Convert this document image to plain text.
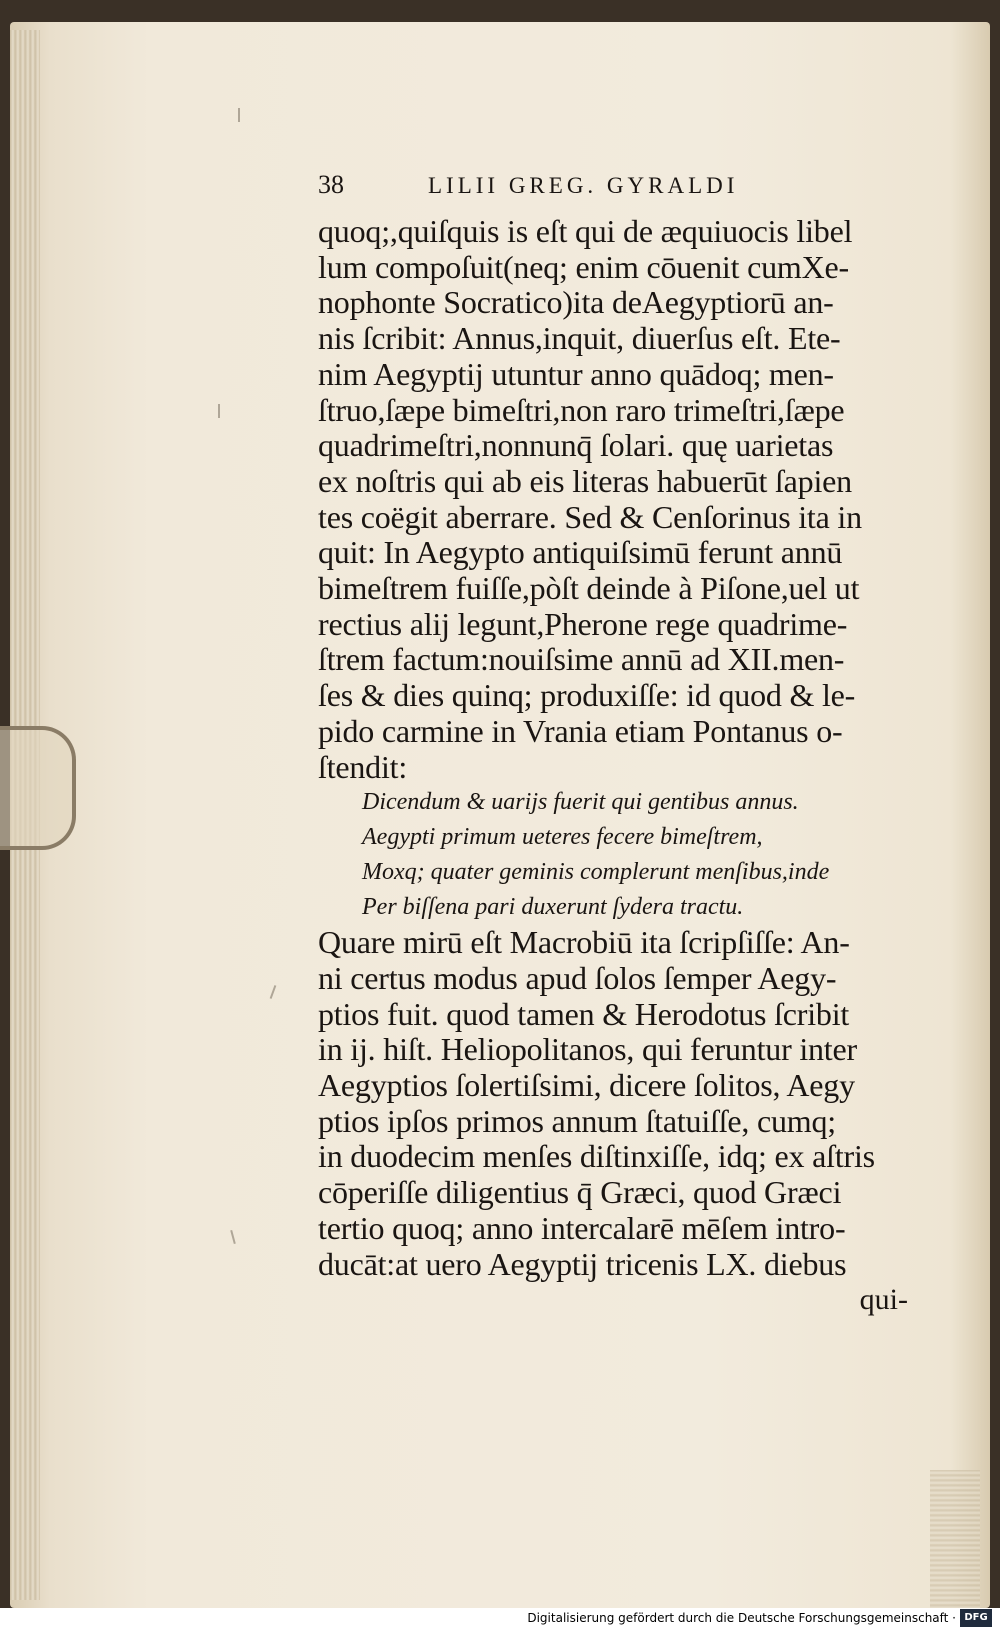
38	LILII GREG. GYRALDI
quoq;,quiſquis is eſt qui de æquiuocis libel
lum compoſuit(neq; enim cōuenit cumXe-
nophonte Socratico)ita deAegyptiorū an-
nis ſcribit: Annus,inquit, diuerſus eſt. Ete-
nim Aegyptij utuntur anno quādoq; men-
ſtruo,ſæpe bimeſtri,non raro trimeſtri,ſæpe
quadrimeſtri,nonnunq̄ ſolari. quę uarietas
ex noſtris qui ab eis literas habuerūt ſapien
tes coëgit aberrare. Sed & Cenſorinus ita in
quit: In Aegypto antiquiſsimū ferunt annū
bimeſtrem fuiſſe,pòſt deinde à Piſone,uel ut
rectius alij legunt,Pherone rege quadrime-
ſtrem factum:nouiſsime annū ad XII.men-
ſes & dies quinq; produxiſſe: id quod & le-
pido carmine in Vrania etiam Pontanus o-
ſtendit:
Dicendum & uarijs fuerit qui gentibus annus.
Aegypti primum ueteres fecere bimeſtrem,
Moxq; quater geminis complerunt menſibus,inde
Per biſſena pari duxerunt ſydera tractu.
Quare mirū eſt Macrobiū ita ſcripſiſſe: An-
ni certus modus apud ſolos ſemper Aegy-
ptios fuit. quod tamen & Herodotus ſcribit
in ij. hiſt. Heliopolitanos, qui feruntur inter
Aegyptios ſolertiſsimi, dicere ſolitos, Aegy
ptios ipſos primos annum ſtatuiſſe, cumq;
in duodecim menſes diſtinxiſſe, idq; ex aſtris
cōperiſſe diligentius q̄ Græci, quod Græci
tertio quoq; anno intercalarē mēſem intro-
ducāt:at uero Aegyptij tricenis LX. diebus
qui-
Digitalisierung gefördert durch die Deutsche Forschungsgemeinschaft · DFG
